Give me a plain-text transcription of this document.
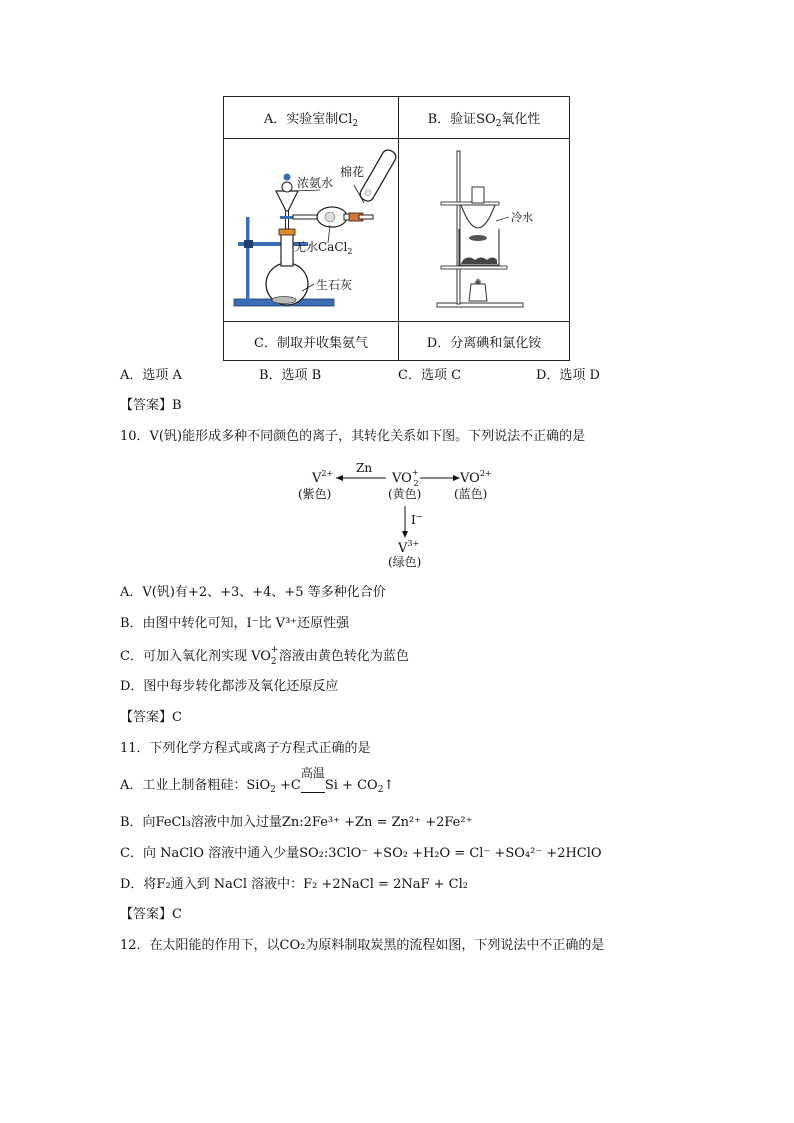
A．实验室制$Cl_2$	B．验证$SO_2$氧化性

棉花
浓氨水
无水CaCl$_2$
生石灰	冷水

C．制取并收集氨气	D．分离碘和氯化铵
A．选项 A	B．选项 B	C．选项 C	D．选项 D
【答案】B
10．V(钒)能形成多种不同颜色的离子，其转化关系如下图。下列说法不正确的是
$V^{2+}$
(紫色)
Zn
VO+ 2
(黄色)
$VO^{2+}$
(蓝色)
I−
$V^{3+}$
(绿色)
A．V(钒)有+2、+3、+4、+5 等多种化合价
B．由图中转化可知，I⁻比 V³⁺还原性强
C．可加入氧化剂实现 VO +
2 溶液由黄色转化为蓝色
D．图中每步转化都涉及氧化还原反应
【答案】C
11．下列化学方程式或离子方程式正确的是
A．工业上制备粗硅：SiO$_2$ +C
高温
$Si + CO_2↑$
B．向FeCl₃溶液中加入过量Zn:2Fe³⁺ +Zn = Zn²⁺ +2Fe²⁺
C．向 NaClO 溶液中通入少量SO₂:3ClO⁻ +SO₂ +H₂O = Cl⁻ +SO₄²⁻ +2HClO
D．将F₂通入到 NaCl 溶液中：F₂ +2NaCl = 2NaF + Cl₂
【答案】C
12．在太阳能的作用下，以CO₂为原料制取炭黑的流程如图，下列说法中不正确的是
